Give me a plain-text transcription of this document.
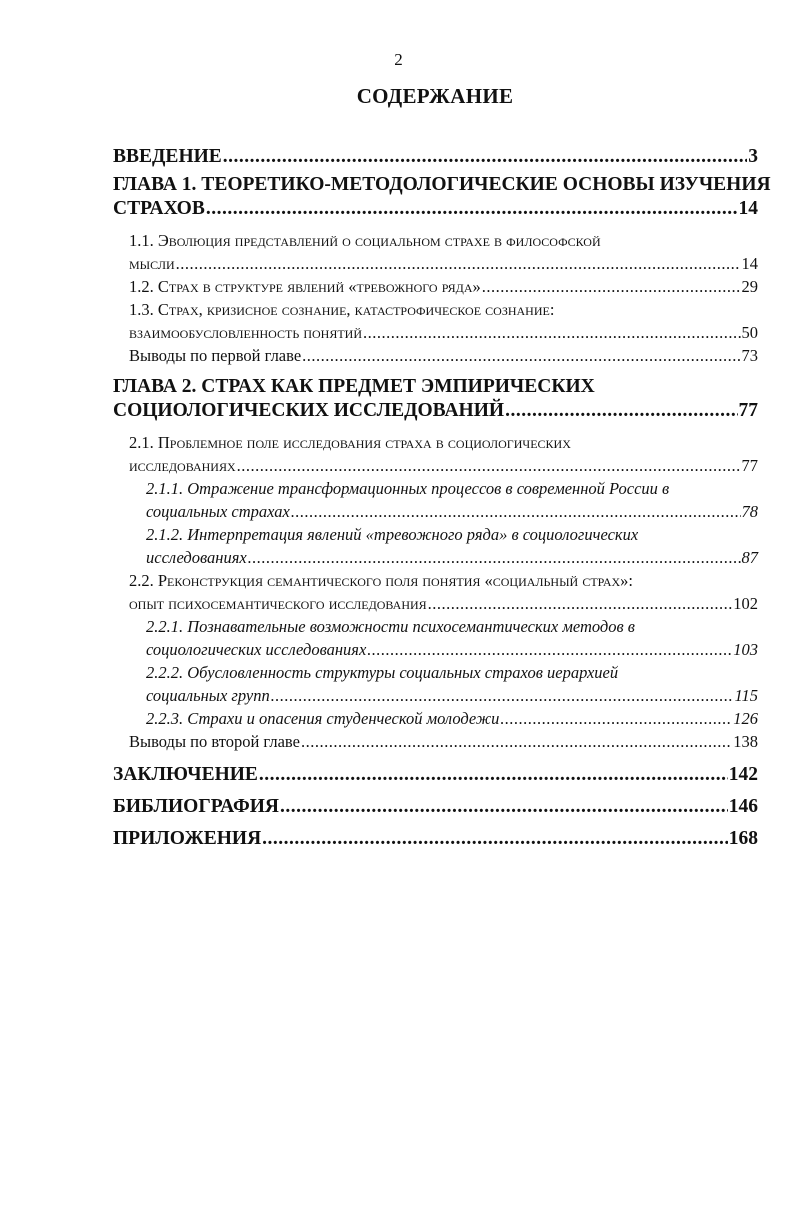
2
СОДЕРЖАНИЕ
ВВЕДЕНИЕ .....	3
ГЛАВА 1. ТЕОРЕТИКО-МЕТОДОЛОГИЧЕСКИЕ ОСНОВЫ ИЗУЧЕНИЯ
СТРАХОВ .....	14
1.1. Эволюция представлений о социальном страхе в философской
мысли .....	14
1.2. Страх в структуре явлений «тревожного ряда» .....	29
1.3. Страх, кризисное сознание, катастрофическое сознание:
взаимообусловленность понятий .....	50
Выводы по первой главе .....	73
ГЛАВА 2. СТРАХ КАК ПРЕДМЕТ ЭМПИРИЧЕСКИХ
СОЦИОЛОГИЧЕСКИХ ИССЛЕДОВАНИЙ .....	77
2.1. Проблемное поле исследования страха в социологических
исследованиях .....	77
2.1.1. Отражение трансформационных процессов в современной России в
социальных страхах .....	78
2.1.2. Интерпретация явлений «тревожного ряда» в социологических
исследованиях .....	87
2.2. Реконструкция семантического поля понятия «социальный страх»:
опыт психосемантического исследования .....	102
2.2.1. Познавательные возможности психосемантических методов в
социологических исследованиях .....	103
2.2.2. Обусловленность структуры социальных страхов иерархией
социальных групп .....	115
2.2.3. Страхи и опасения студенческой молодежи .....	126
Выводы по второй главе .....	138
ЗАКЛЮЧЕНИЕ .....	142
БИБЛИОГРАФИЯ .....	146
ПРИЛОЖЕНИЯ .....	168
